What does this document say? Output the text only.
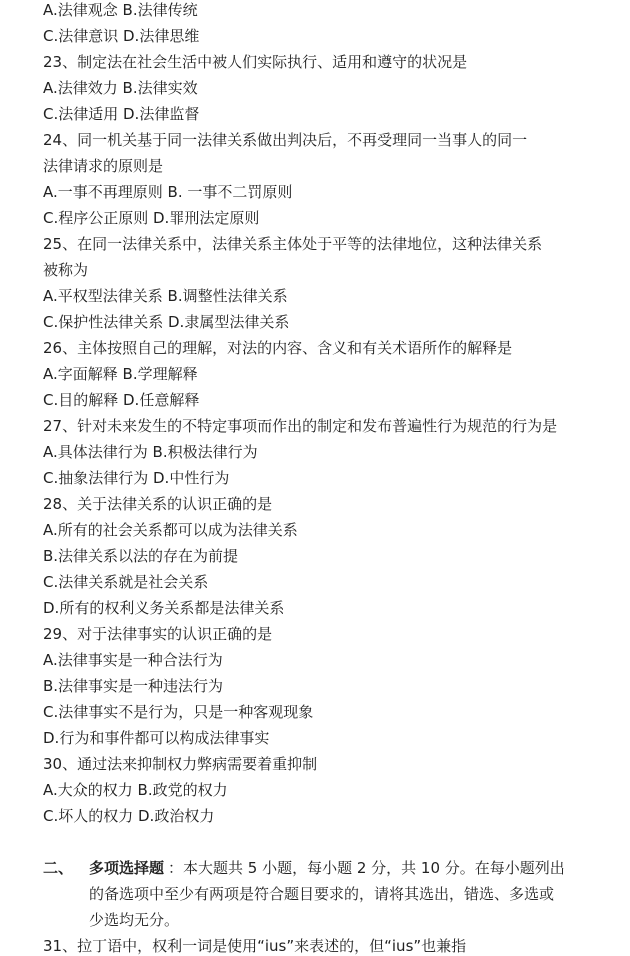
A.法律观念 B.法律传统
C.法律意识 D.法律思维
23、制定法在社会生活中被人们实际执行、适用和遵守的状况是
A.法律效力 B.法律实效
C.法律适用 D.法律监督
24、同一机关基于同一法律关系做出判决后，不再受理同一当事人的同一
法律请求的原则是
A.一事不再理原则 B. 一事不二罚原则
C.程序公正原则 D.罪刑法定原则
25、在同一法律关系中，法律关系主体处于平等的法律地位，这种法律关系
被称为
A.平权型法律关系 B.调整性法律关系
C.保护性法律关系 D.隶属型法律关系
26、主体按照自己的理解，对法的内容、含义和有关术语所作的解释是
A.字面解释 B.学理解释
C.目的解释 D.任意解释
27、针对未来发生的不特定事项而作出的制定和发布普遍性行为规范的行为是
A.具体法律行为 B.积极法律行为
C.抽象法律行为 D.中性行为
28、关于法律关系的认识正确的是
A.所有的社会关系都可以成为法律关系
B.法律关系以法的存在为前提
C.法律关系就是社会关系
D.所有的权利义务关系都是法律关系
29、对于法律事实的认识正确的是
A.法律事实是一种合法行为
B.法律事实是一种违法行为
C.法律事实不是行为，只是一种客观现象
D.行为和事件都可以构成法律事实
30、通过法来抑制权力弊病需要着重抑制
A.大众的权力 B.政党的权力
C.坏人的权力 D.政治权力
二、 多项选择题 ：本大题共 5 小题，每小题 2 分，共 10 分。在每小题列出
的备选项中至少有两项是符合题目要求的，请将其选出，错选、多选或
少选均无分。
31、拉丁语中，权利一词是使用“ius”来表述的，但“ius”也兼指
